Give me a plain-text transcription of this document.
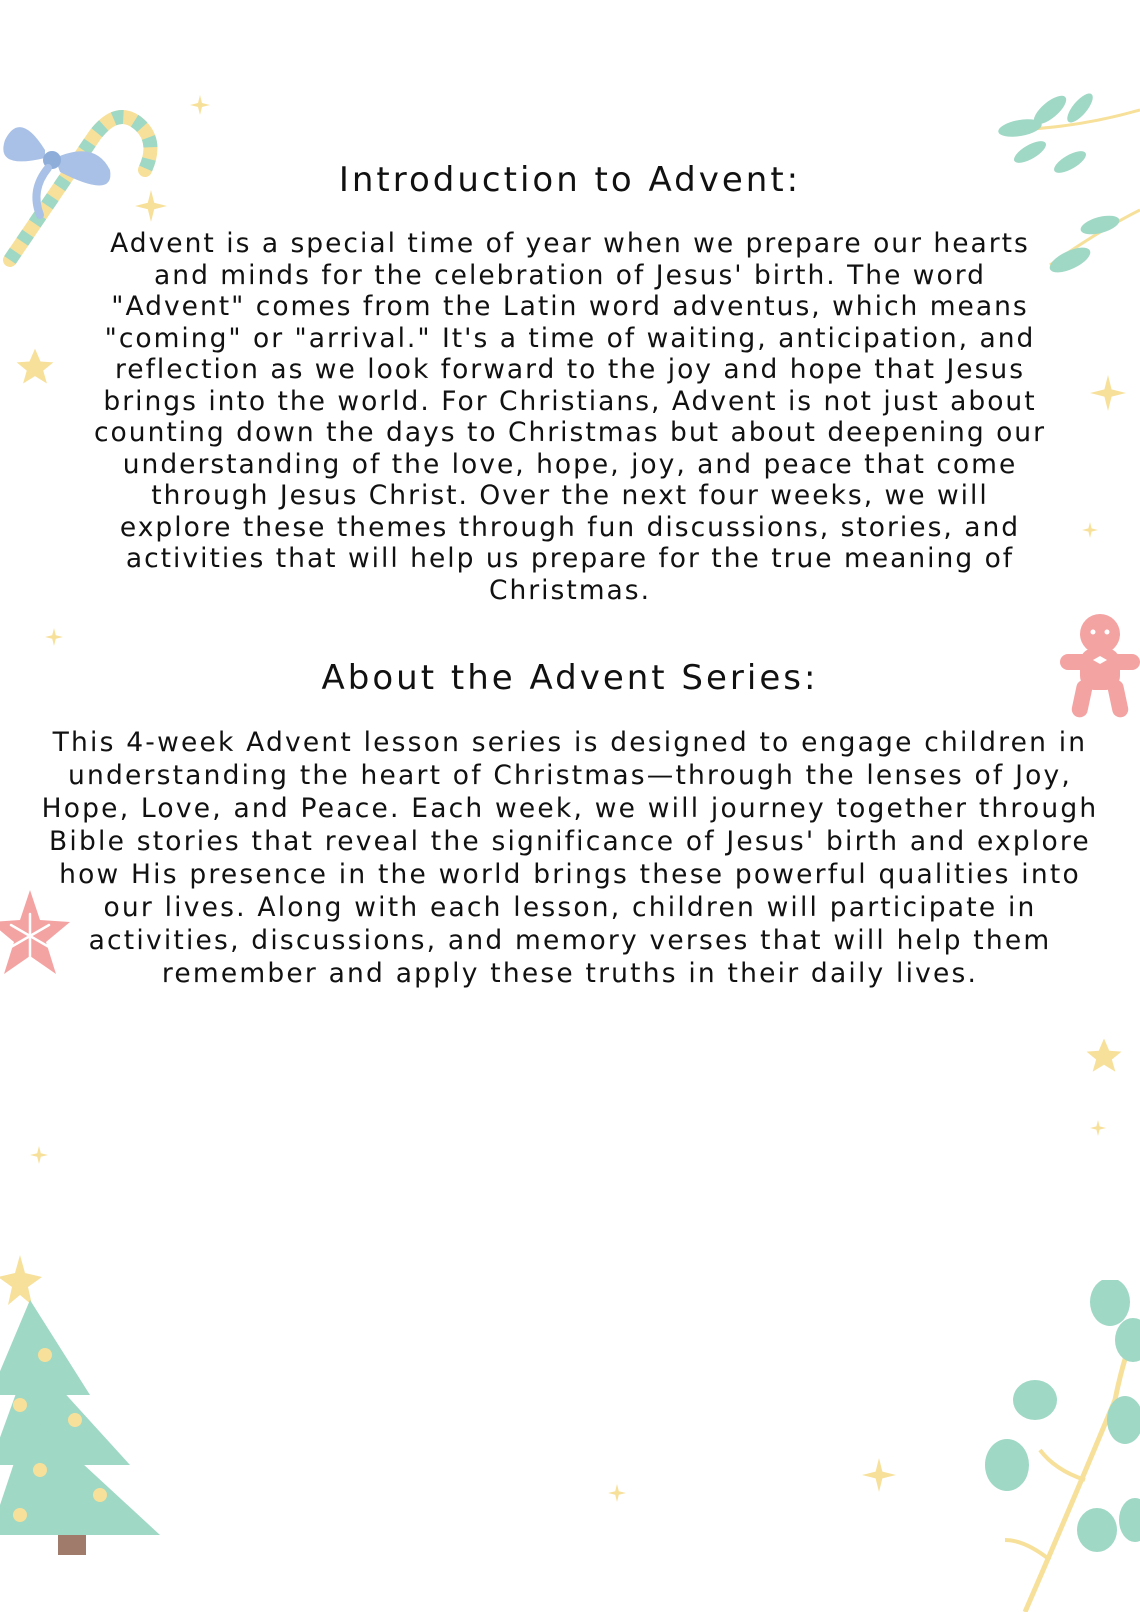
Introduction to Advent:

Advent is a special time of year when we prepare our hearts and minds for the celebration of Jesus' birth. The word "Advent" comes from the Latin word adventus, which means "coming" or "arrival." It's a time of waiting, anticipation, and reflection as we look forward to the joy and hope that Jesus brings into the world. For Christians, Advent is not just about counting down the days to Christmas but about deepening our understanding of the love, hope, joy, and peace that come through Jesus Christ. Over the next four weeks, we will explore these themes through fun discussions, stories, and activities that will help us prepare for the true meaning of Christmas.

About the Advent Series:

This 4-week Advent lesson series is designed to engage children in understanding the heart of Christmas—through the lenses of Joy, Hope, Love, and Peace. Each week, we will journey together through Bible stories that reveal the significance of Jesus' birth and explore how His presence in the world brings these powerful qualities into our lives. Along with each lesson, children will participate in activities, discussions, and memory verses that will help them remember and apply these truths in their daily lives.
